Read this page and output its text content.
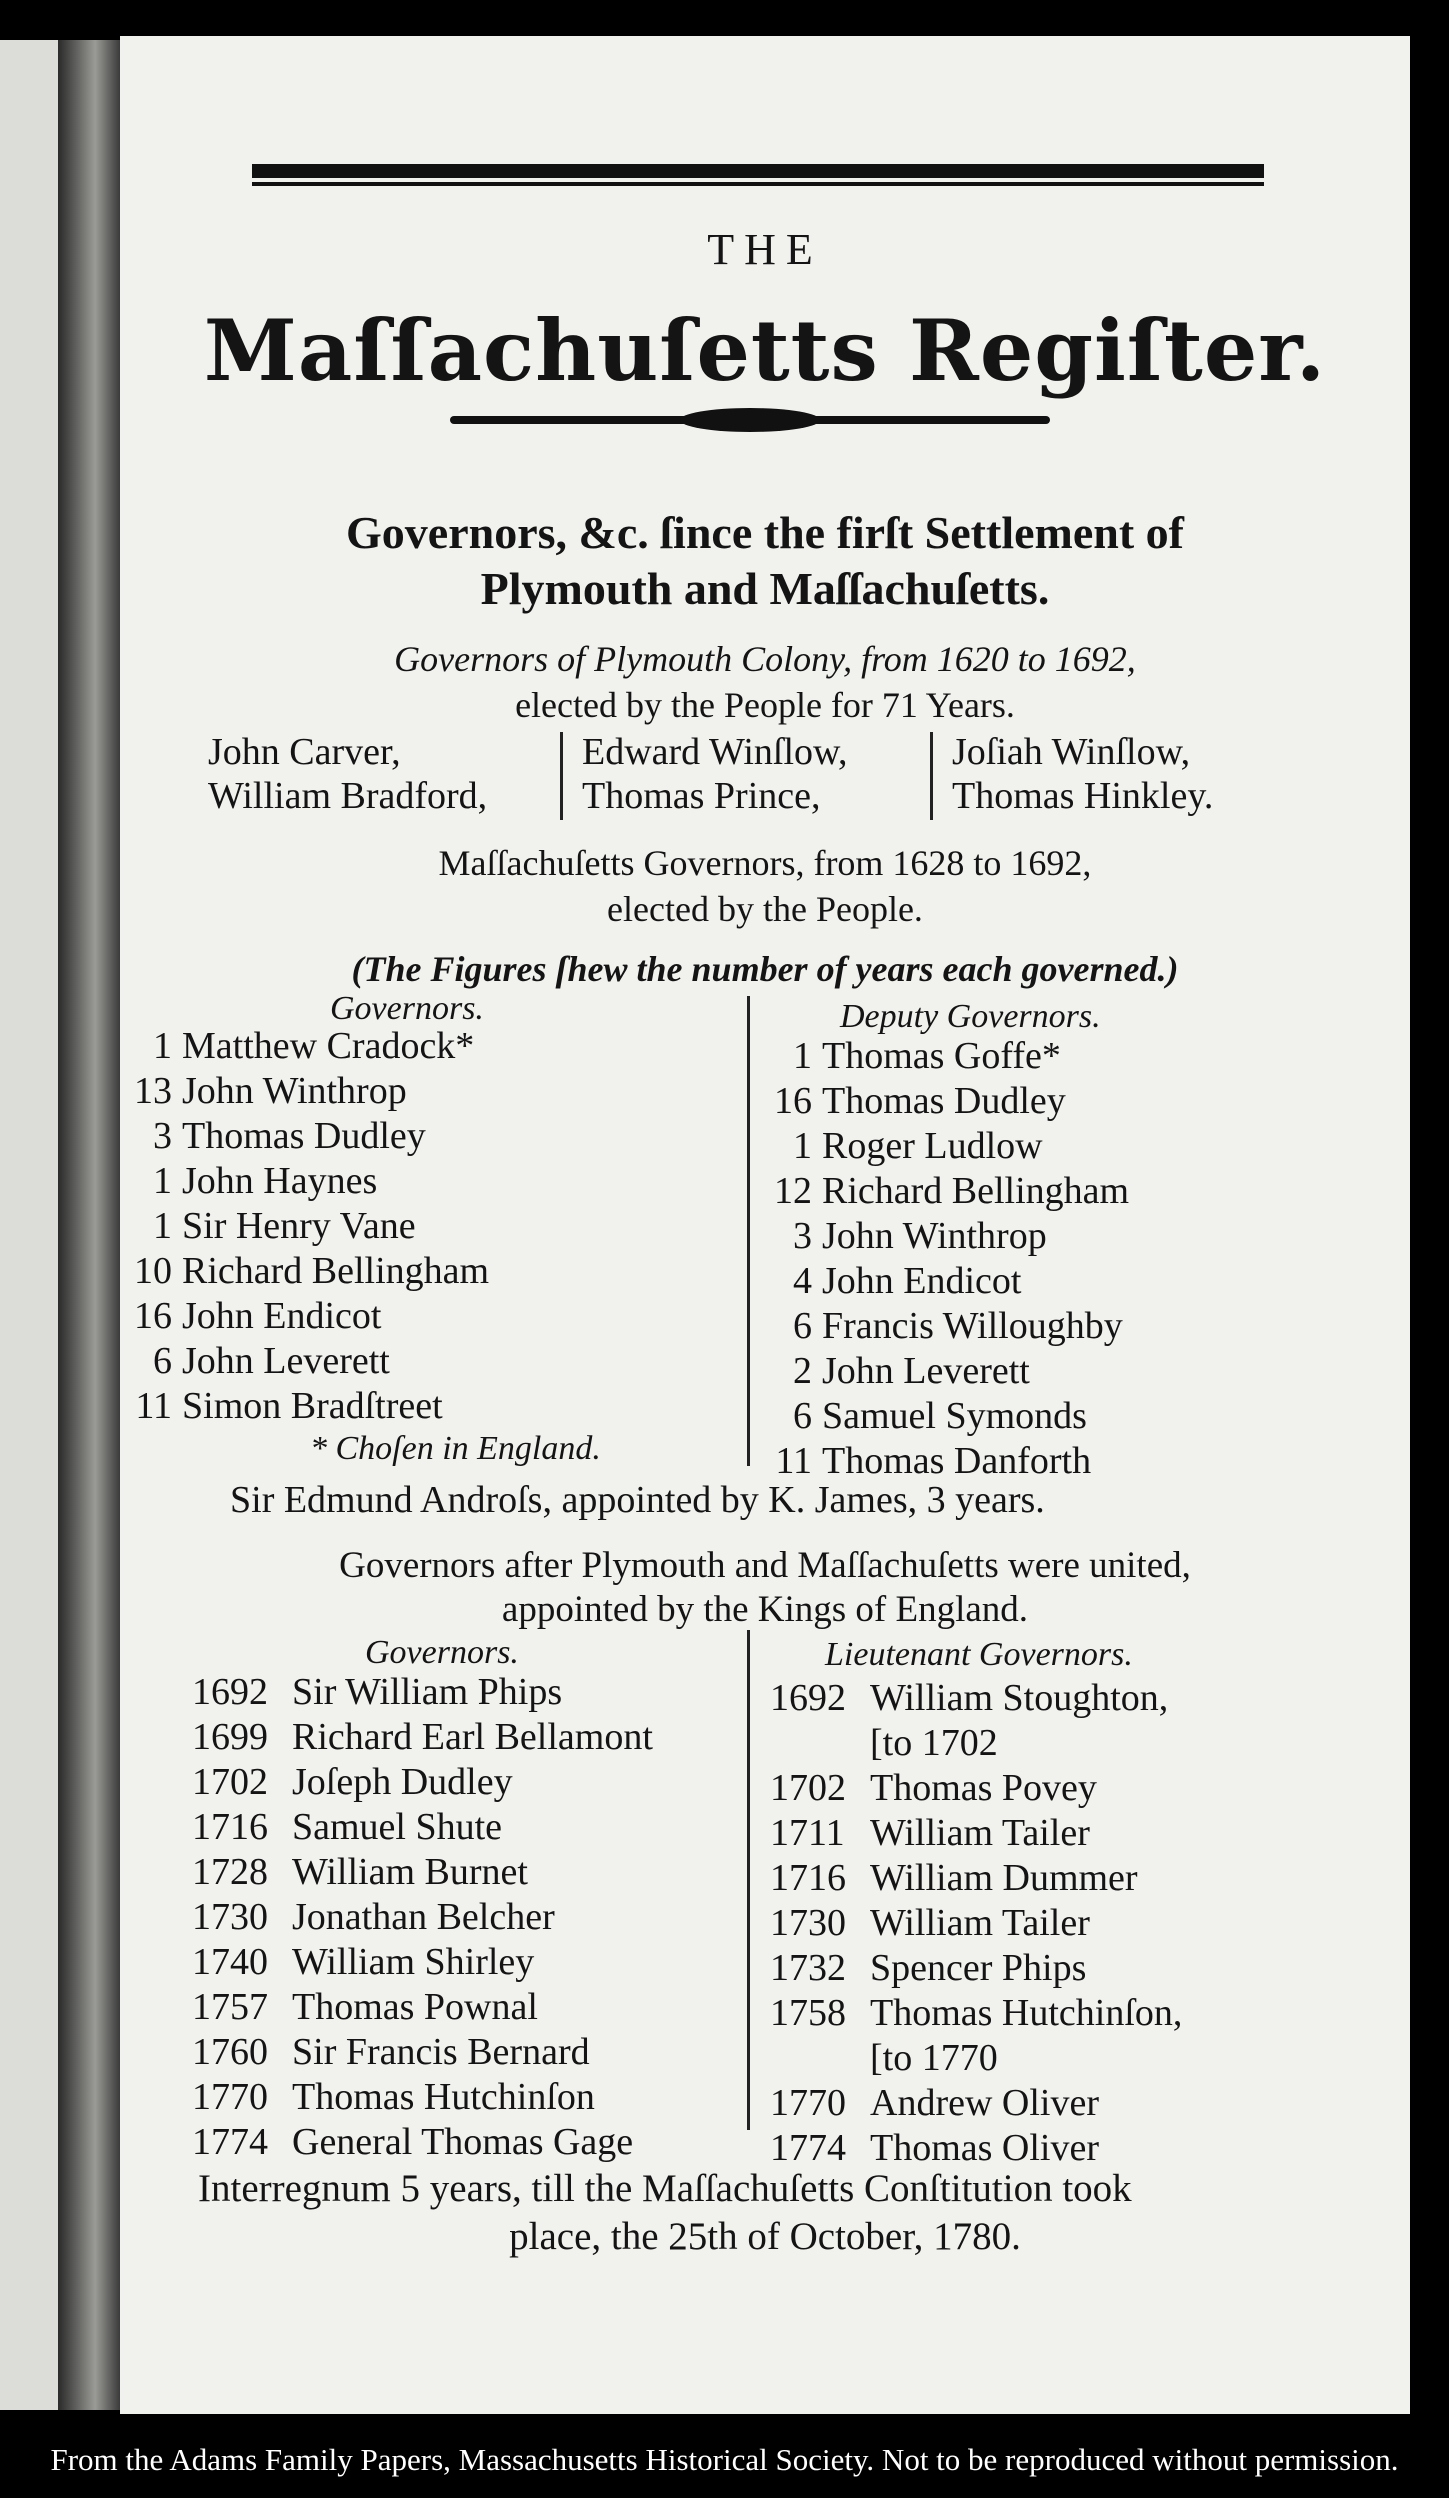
THE
Maſſachuſetts Regiſter.
Governors, &c. ſince the firſt Settlement of
Plymouth and Maſſachuſetts.
Governors of Plymouth Colony, from 1620 to 1692,
elected by the People for 71 Years.
John Carver,
William Bradford,
Edward Winſlow,
Thomas Prince,
Joſiah Winſlow,
Thomas Hinkley.
Maſſachuſetts Governors, from 1628 to 1692,
elected by the People.
(The Figures ſhew the number of years each governed.)
Governors.	Deputy Governors.
1 Matthew Cradock*
13 John Winthrop
3 Thomas Dudley
1 John Haynes
1 Sir Henry Vane
10 Richard Bellingham
16 John Endicot
6 John Leverett
11 Simon Bradſtreet
* Choſen in England.
1 Thomas Goffe*
16 Thomas Dudley
1 Roger Ludlow
12 Richard Bellingham
3 John Winthrop
4 John Endicot
6 Francis Willoughby
2 John Leverett
6 Samuel Symonds
11 Thomas Danforth
Sir Edmund Androſs, appointed by K. James, 3 years.
Governors after Plymouth and Maſſachuſetts were united,
appointed by the Kings of England.
Governors.	Lieutenant Governors.
1692 Sir William Phips
1699 Richard Earl Bellamont
1702 Joſeph Dudley
1716 Samuel Shute
1728 William Burnet
1730 Jonathan Belcher
1740 William Shirley
1757 Thomas Pownal
1760 Sir Francis Bernard
1770 Thomas Hutchinſon
1774 General Thomas Gage
1692 William Stoughton,
[to 1702
1702 Thomas Povey
1711 William Tailer
1716 William Dummer
1730 William Tailer
1732 Spencer Phips
1758 Thomas Hutchinſon,
[to 1770
1770 Andrew Oliver
1774 Thomas Oliver
Interregnum 5 years, till the Maſſachuſetts Conſtitution took
place, the 25th of October, 1780.
From the Adams Family Papers, Massachusetts Historical Society. Not to be reproduced without permission.
